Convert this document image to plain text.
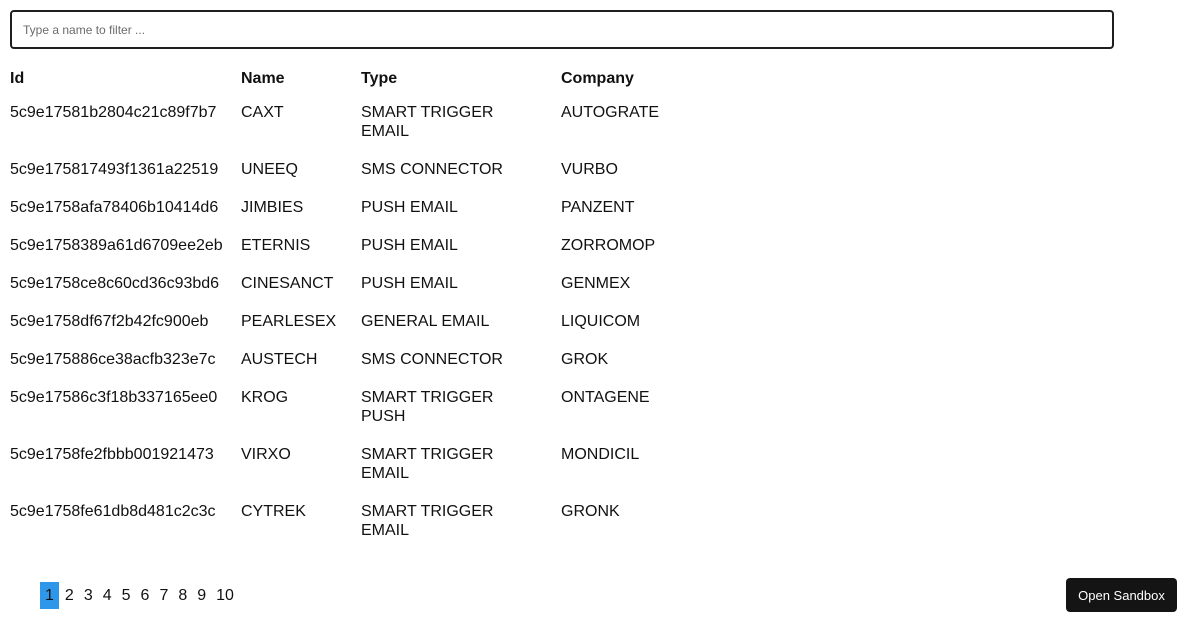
Type a name to filter ...
Id	Name	Type	Company
5c9e17581b2804c21c89f7b7	CAXT	SMART TRIGGER EMAIL	AUTOGRATE
5c9e175817493f1361a22519	UNEEQ	SMS CONNECTOR	VURBO
5c9e1758afa78406b10414d6	JIMBIES	PUSH EMAIL	PANZENT
5c9e1758389a61d6709ee2eb	ETERNIS	PUSH EMAIL	ZORROMOP
5c9e1758ce8c60cd36c93bd6	CINESANCT	PUSH EMAIL	GENMEX
5c9e1758df67f2b42fc900eb	PEARLESEX	GENERAL EMAIL	LIQUICOM
5c9e175886ce38acfb323e7c	AUSTECH	SMS CONNECTOR	GROK
5c9e17586c3f18b337165ee0	KROG	SMART TRIGGER PUSH	ONTAGENE
5c9e1758fe2fbbb001921473	VIRXO	SMART TRIGGER EMAIL	MONDICIL
5c9e1758fe61db8d481c2c3c	CYTREK	SMART TRIGGER EMAIL	GRONK
1 2 3 4 5 6 7 8 9 10	Open Sandbox
